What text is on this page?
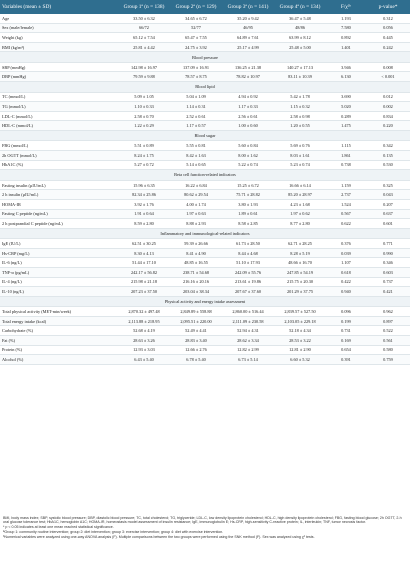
Variables (mean ± SD)	Group 1ª (n = 138)	Group 2ª (n = 129)	Group 3ª (n = 141)	Group 4ª (n = 134)	F/χ²ᵇ	p-value*
Age	33.50 ± 6.32	34.65 ± 6.72	35.20 ± 9.42	36.47 ± 5.48	1.193	0.312
Sex (male/female)	66/72	52/77	46/95	48/86	7.580	0.056
Weight (kg)	65.12 ± 7.54	65.47 ± 7.55	64.89 ± 7.61	63.99 ± 8.12	0.892	0.445
BMI (kg/m²)	25.81 ± 4.42	24.75 ± 3.92	25.17 ± 4.99	25.48 ± 5.00	1.401	0.242
Blood pressure						
SBP (mmHg)	142.98 ± 16.97	137.09 ± 16.91	136.25 ± 21.38	140.27 ± 17.13	3.946	0.008
DBP (mmHg)	79.59 ± 9.88	78.57 ± 8.75	78.82 ± 10.97	83.11 ± 10.39	6.130	< 0.001
Blood lipid						
TC (mmol/L)	5.09 ± 1.05	5.04 ± 1.09	4.94 ± 0.92	5.42 ± 1.78	3.690	0.012
TG (mmol/L)	1.10 ± 0.33	1.14 ± 0.31	1.17 ± 0.33	1.15 ± 0.32	5.020	0.002
LDL-C (mmol/L)	2.58 ± 0.70	2.52 ± 0.61	2.56 ± 0.61	2.58 ± 0.98	0.289	0.834
HDL-C (mmol/L)	1.22 ± 0.29	1.17 ± 0.57	1.00 ± 0.60	1.20 ± 0.55	1.475	0.220
Blood sugar						
FBG (mmol/L)	5.51 ± 0.89	5.55 ± 0.81	5.60 ± 0.84	5.69 ± 0.76	1.115	0.342
2h OGTT (mmol/L)	8.24 ± 1.75	8.42 ± 1.63	8.00 ± 1.62	8.03 ± 1.61	1.861	0.135
HbA1C (%)	5.27 ± 0.72	5.14 ± 0.65	5.22 ± 0.74	5.23 ± 0.74	0.738	0.530
Beta cell function-related indicators						
Fasting insulin (µIU/mL)	15.96 ± 6.35	16.22 ± 6.84	15.25 ± 6.72	16.66 ± 6.14	1.159	0.325
2 h insulin (µIU/mL)	82.34 ± 25.86	80.62 ± 29.54	75.71 ± 28.82	85.20 ± 28.97	2.737	0.043
HOMA-IR	3.92 ± 1.76	4.00 ± 1.74	3.80 ± 1.93	4.23 ± 1.68	1.524	0.207
Fasting C peptide (ng/mL)	1.91 ± 0.64	1.97 ± 0.63	1.89 ± 0.61	1.97 ± 0.62	0.567	0.637
2 h postprandial C peptide (ng/mL)	8.59 ± 2.80	8.88 ± 2.93	8.58 ± 2.85	8.77 ± 2.80	0.622	0.601
Inflammatory and immunological-related indicators						
IgE (IU/L)	62.51 ± 30.25	59.39 ± 26.66	61.73 ± 28.50	62.71 ± 28.25	0.376	0.771
Hs-CRP (mg/L)	8.30 ± 4.13	8.41 ± 4.90	8.44 ± 4.68	8.28 ± 5.19	0.039	0.990
IL-6 (ng/L)	51.44 ± 17.10	48.85 ± 16.55	51.10 ± 17.93	48.66 ± 16.70	1.107	0.346
TNF-α (pg/mL)	242.17 ± 56.82	238.71 ± 54.68	242.09 ± 55.76	247.85 ± 54.19	0.618	0.603
IL-4 (ng/L)	215.98 ± 21.18	216.16 ± 20.16	213.61 ± 19.86	215.75 ± 20.30	0.422	0.737
IL-10 (ng/L)	207.23 ± 37.50	203.04 ± 38.34	207.67 ± 37.60	201.29 ± 37.75	0.940	0.421
Physical activity and energy intake assessment						
Total physical activity (MET-min/week)	2,870.32 ± 497.48	2,849.89 ± 558.88	2,860.00 ± 516.44	2,839.57 ± 527.50	0.096	0.962
Total energy intake (kcal)	2,113.88 ± 218.95	2,095.51 ± 220.00	2,111.09 ± 230.58	2,103.05 ± 229.18	0.199	0.897
Carbohydrate (%)	52.68 ± 4.19	52.49 ± 4.41	52.94 ± 4.31	52.18 ± 4.34	0.731	0.522
Fat (%)	28.63 ± 3.26	28.83 ± 3.40	28.62 ± 3.34	28.53 ± 3.22	0.169	0.561
Protein (%)	12.93 ± 3.03	12.66 ± 2.76	12.82 ± 2.99	12.81 ± 2.90	0.654	0.580
Alcohol (%)	6.43 ± 5.40	6.78 ± 5.40	6.73 ± 5.14	6.60 ± 5.32	0.391	0.759

BMI, body mass index; SBP, systolic blood pressure; DBP, diastolic blood pressure; TC, total cholesterol; TG, triglyceride; LDL-C, low density lipoprotein cholesterol; HDL-C, high density lipoprotein cholesterol; FBG, fasting blood glucose; 2h OGTT, 2-h oral glucose tolerance test; HbA1C, hemoglobin A1C; HOMA-IR, homeostasis model assessment of insulin resistance; IgE, immunoglobulin E; Hs-CRP, high-sensitivity C-reactive protein; IL, interleukin; TNF, tumor necrosis factor.

* p < 0.05 indicates at least one mean reached statistical significance.

ªGroup 1: community routine intervention; group 2: diet intervention; group 3: exercise intervention; group 4: diet with exercise intervention.

ᵇNumerical variables were analyzed using one-way ANOVA analysis (F). Multiple comparisons between the two groups were performed using the SNK method (F). Sex was analyzed using χ² tests.
